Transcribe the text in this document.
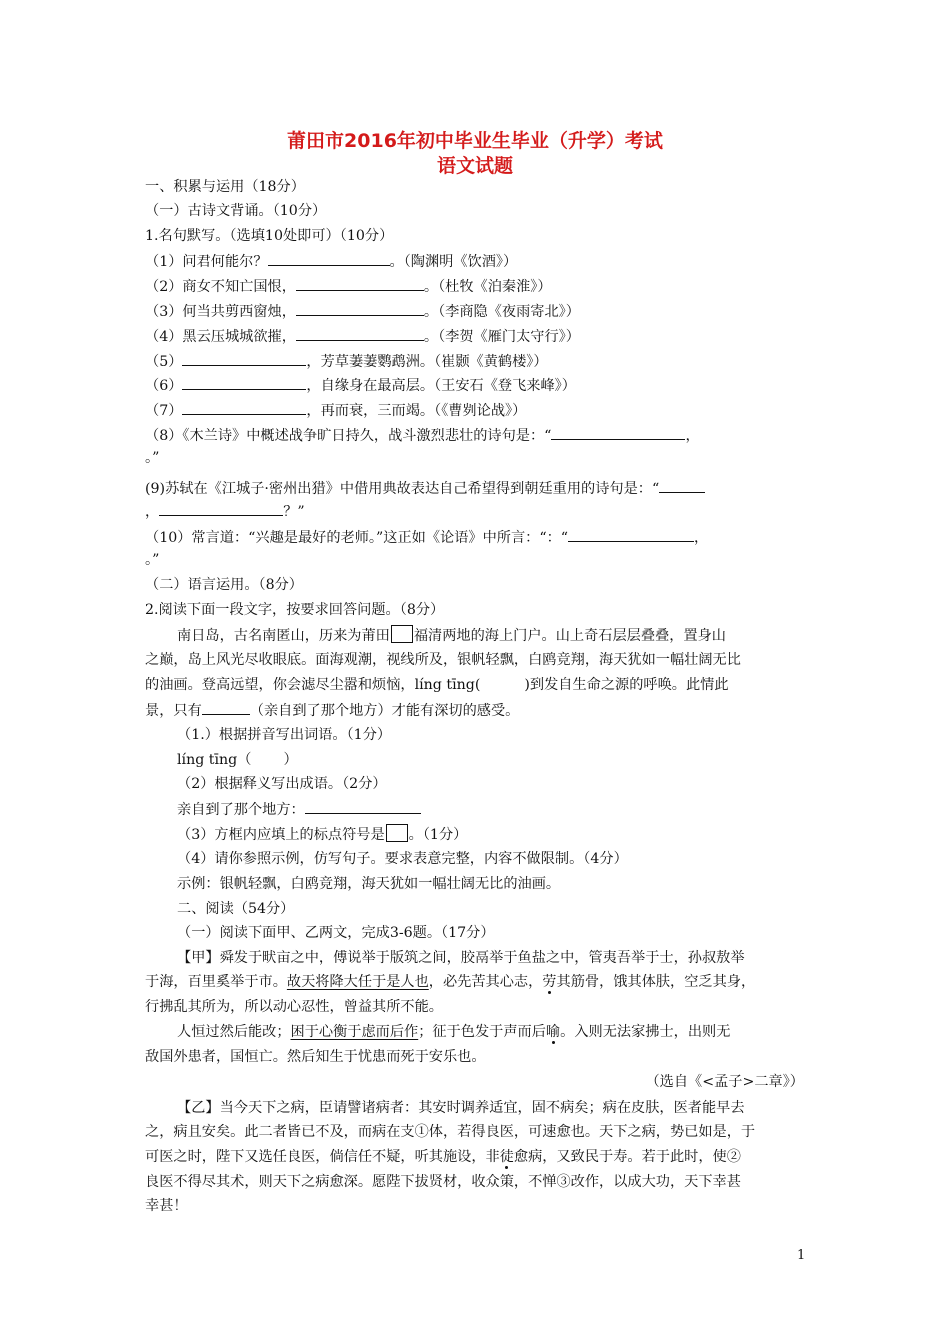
莆田市2016年初中毕业生毕业（升学）考试
语文试题
一、积累与运用（18分）
（一）古诗文背诵。（10分）
1.名句默写。（选填10处即可）（10分）
（1）问君何能尔？	。（陶渊明《饮酒》）
（2）商女不知亡国恨，	。（杜牧《泊秦淮》）
（3）何当共剪西窗烛，	。（李商隐《夜雨寄北》）
（4）黑云压城城欲摧，	。（李贺《雁门太守行》）
（5）	，芳草萋萋鹦鹉洲。（崔颢《黄鹤楼》）
（6）	，自缘身在最高层。（王安石《登飞来峰》）
（7）	，再而衰，三而竭。（《曹刿论战》）
（8）《木兰诗》中概述战争旷日持久，战斗激烈悲壮的诗句是：“	，
。”
(9)苏轼在《江城子·密州出猎》中借用典故表达自己希望得到朝廷重用的诗句是：“
，	？”
（10）常言道：“兴趣是最好的老师。”这正如《论语》中所言：“：“	，
。”
（二）语言运用。（8分）
2.阅读下面一段文字，按要求回答问题。（8分）
南日岛，古名南匿山，历来为莆田 福清两地的海上门户。山上奇石层层叠叠，置身山
之巅，岛上风光尽收眼底。面海观潮，视线所及，银帆轻飘，白鸥竞翔，海天犹如一幅壮阔无比
的油画。登高远望，你会滤尽尘嚣和烦恼，líng tīng(	)到发自生命之源的呼唤。此情此
景，只有	（亲自到了那个地方）才能有深切的感受。
（1.）根据拼音写出词语。（1分）
líng tīng（ ）
（2）根据释义写出成语。（2分）
亲自到了那个地方：
（3）方框内应填上的标点符号是 。（1分）
（4）请你参照示例，仿写句子。要求表意完整，内容不做限制。（4分）
示例：银帆轻飘，白鸥竞翔，海天犹如一幅壮阔无比的油画。
二、阅读（54分）
（一）阅读下面甲、乙两文，完成3-6题。（17分）
【甲】舜发于畎亩之中，傅说举于版筑之间，胶鬲举于鱼盐之中，管夷吾举于士，孙叔敖举
于海，百里奚举于市。故天将降大任于是人也，必先苦其心志，劳其筋骨，饿其体肤，空乏其身，
行拂乱其所为，所以动心忍性，曾益其所不能。
人恒过然后能改；困于心衡于虑而后作；征于色发于声而后喻。入则无法家拂士，出则无
敌国外患者，国恒亡。然后知生于忧患而死于安乐也。
（选自《<孟子>二章》）
【乙】当今天下之病，臣请譬诸病者：其安时调养适宜，固不病矣；病在皮肤，医者能早去
之，病且安矣。此二者皆已不及，而病在支①体，若得良医，可速愈也。天下之病，势已如是，于
可医之时，陛下又选任良医，倘信任不疑，听其施设，非徒愈病，又致民于寿。若于此时，使②
良医不得尽其术，则天下之病愈深。愿陛下拔贤材，收众策，不惮③改作，以成大功，天下幸甚
幸甚！
1
